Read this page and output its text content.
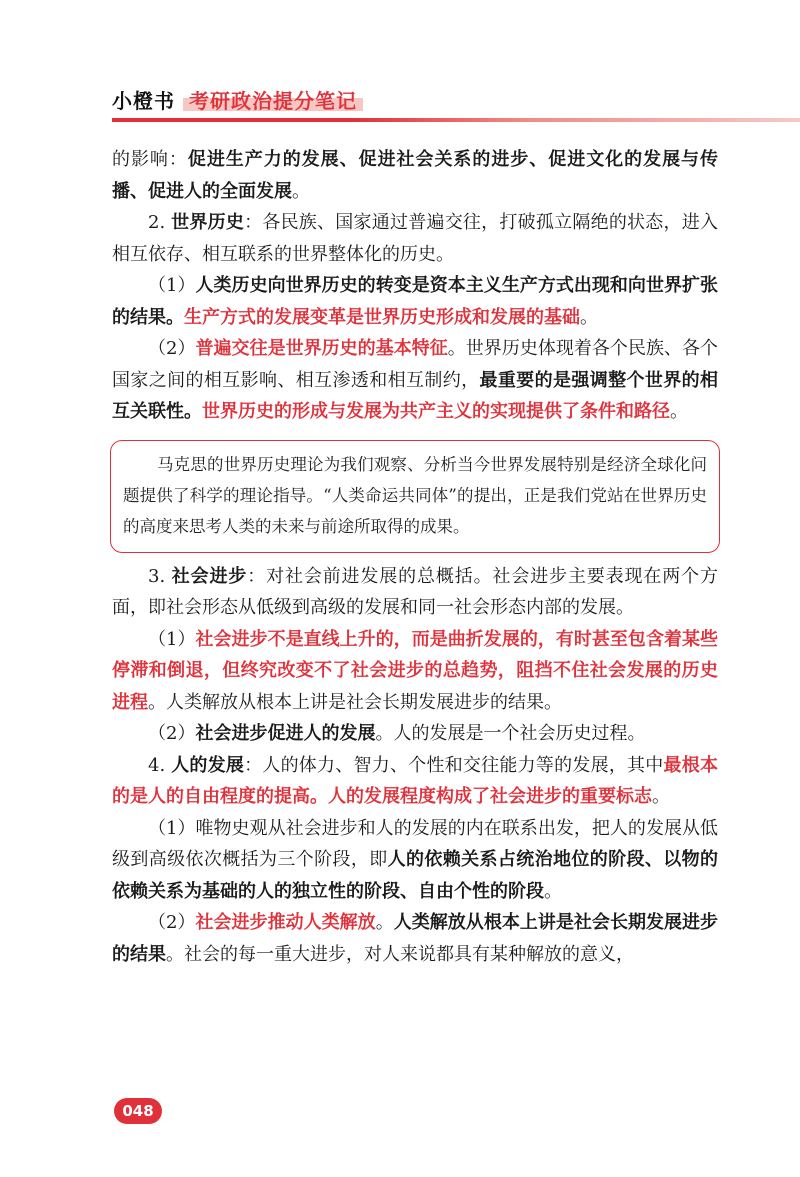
小橙书 考研政治提分笔记

的影响：促进生产力的发展、促进社会关系的进步、促进文化的发展与传播、促进人的全面发展。

2. 世界历史：各民族、国家通过普遍交往，打破孤立隔绝的状态，进入相互依存、相互联系的世界整体化的历史。

（1）人类历史向世界历史的转变是资本主义生产方式出现和向世界扩张的结果。生产方式的发展变革是世界历史形成和发展的基础。

（2）普遍交往是世界历史的基本特征。世界历史体现着各个民族、各个国家之间的相互影响、相互渗透和相互制约，最重要的是强调整个世界的相互关联性。世界历史的形成与发展为共产主义的实现提供了条件和路径。

马克思的世界历史理论为我们观察、分析当今世界发展特别是经济全球化问题提供了科学的理论指导。“人类命运共同体”的提出，正是我们党站在世界历史的高度来思考人类的未来与前途所取得的成果。

3. 社会进步：对社会前进发展的总概括。社会进步主要表现在两个方面，即社会形态从低级到高级的发展和同一社会形态内部的发展。

（1）社会进步不是直线上升的，而是曲折发展的，有时甚至包含着某些停滞和倒退，但终究改变不了社会进步的总趋势，阻挡不住社会发展的历史进程。人类解放从根本上讲是社会长期发展进步的结果。

（2）社会进步促进人的发展。人的发展是一个社会历史过程。

4. 人的发展：人的体力、智力、个性和交往能力等的发展，其中最根本的是人的自由程度的提高。人的发展程度构成了社会进步的重要标志。

（1）唯物史观从社会进步和人的发展的内在联系出发，把人的发展从低级到高级依次概括为三个阶段，即人的依赖关系占统治地位的阶段、以物的依赖关系为基础的人的独立性的阶段、自由个性的阶段。

（2）社会进步推动人类解放。人类解放从根本上讲是社会长期发展进步的结果。社会的每一重大进步，对人来说都具有某种解放的意义，

048
